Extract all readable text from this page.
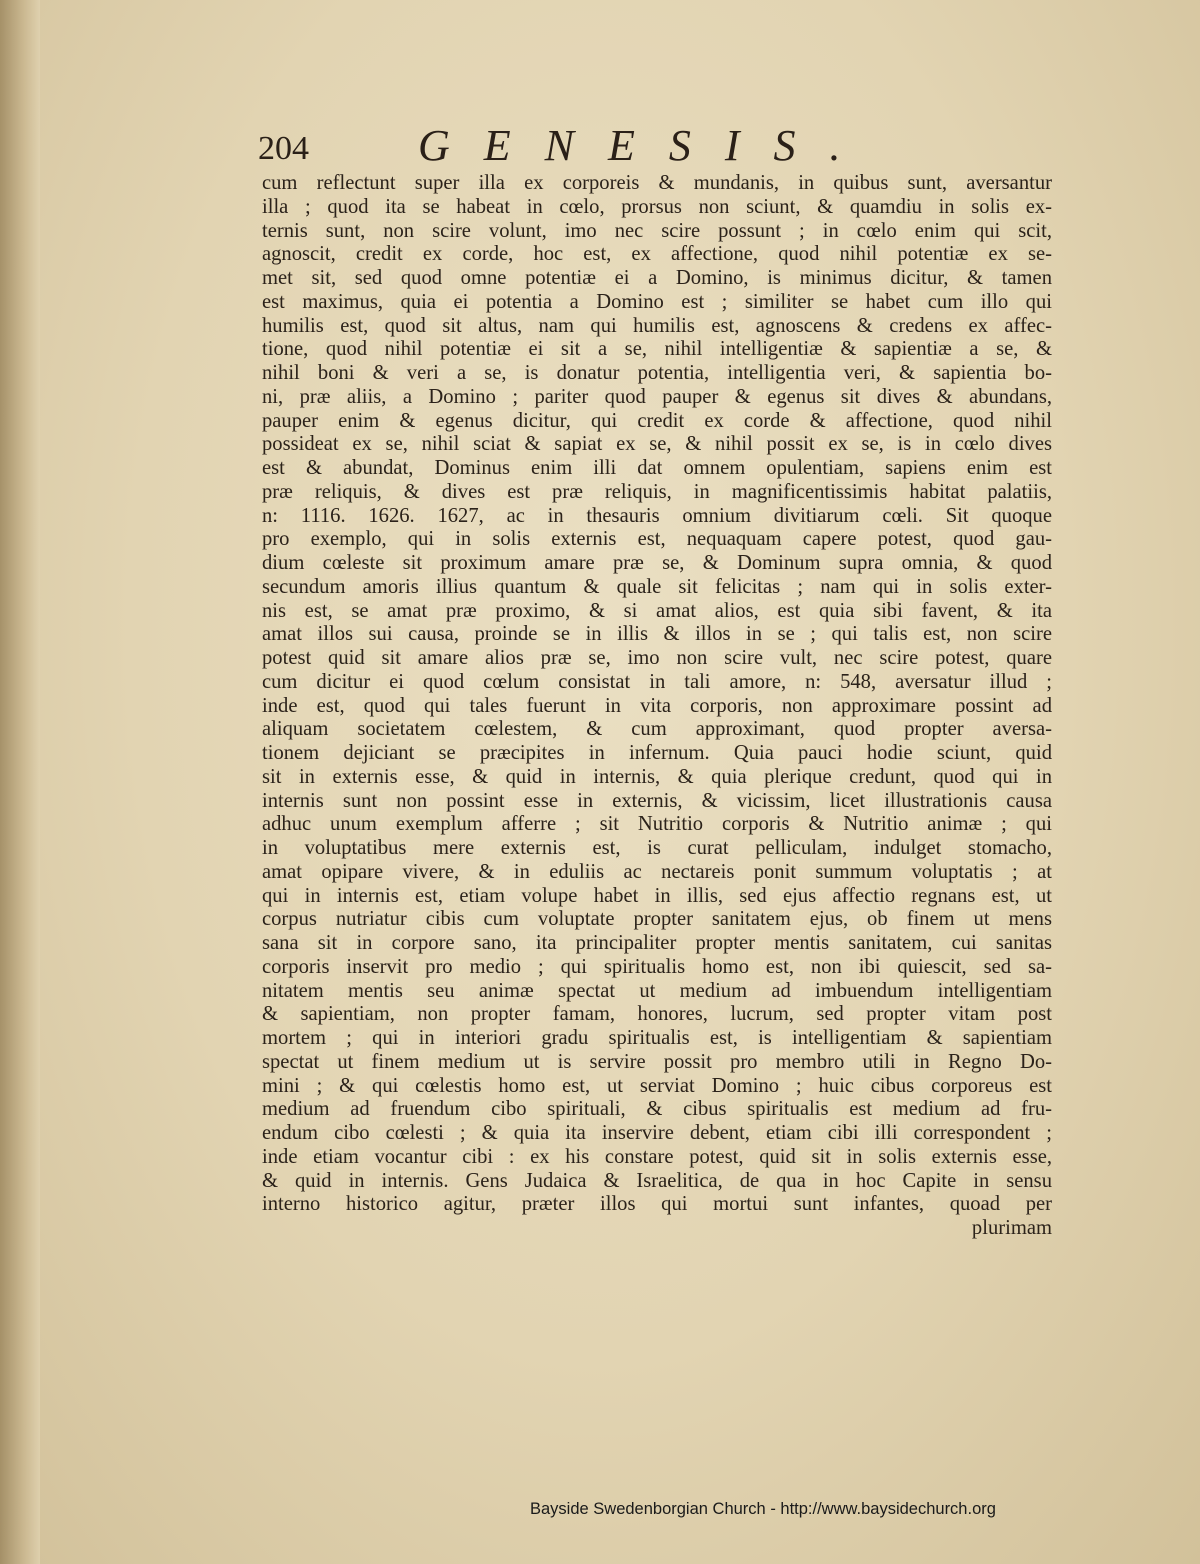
204 GENESIS.
cum reflectunt super illa ex corporeis & mundanis, in quibus sunt, aversantur
illa ; quod ita se habeat in cœlo, prorsus non sciunt, & quamdiu in solis ex-
ternis sunt, non scire volunt, imo nec scire possunt ; in cœlo enim qui scit,
agnoscit, credit ex corde, hoc est, ex affectione, quod nihil potentiæ ex se-
met sit, sed quod omne potentiæ ei a Domino, is minimus dicitur, & tamen
est maximus, quia ei potentia a Domino est ; similiter se habet cum illo qui
humilis est, quod sit altus, nam qui humilis est, agnoscens & credens ex affec-
tione, quod nihil potentiæ ei sit a se, nihil intelligentiæ & sapientiæ a se, &
nihil boni & veri a se, is donatur potentia, intelligentia veri, & sapientia bo-
ni, præ aliis, a Domino ; pariter quod pauper & egenus sit dives & abundans,
pauper enim & egenus dicitur, qui credit ex corde & affectione, quod nihil
possideat ex se, nihil sciat & sapiat ex se, & nihil possit ex se, is in cœlo dives
est & abundat, Dominus enim illi dat omnem opulentiam, sapiens enim est
præ reliquis, & dives est præ reliquis, in magnificentissimis habitat palatiis,
n: 1116. 1626. 1627, ac in thesauris omnium divitiarum cœli. Sit quoque
pro exemplo, qui in solis externis est, nequaquam capere potest, quod gau-
dium cœleste sit proximum amare præ se, & Dominum supra omnia, & quod
secundum amoris illius quantum & quale sit felicitas ; nam qui in solis exter-
nis est, se amat præ proximo, & si amat alios, est quia sibi favent, & ita
amat illos sui causa, proinde se in illis & illos in se ; qui talis est, non scire
potest quid sit amare alios præ se, imo non scire vult, nec scire potest, quare
cum dicitur ei quod cœlum consistat in tali amore, n: 548, aversatur illud ;
inde est, quod qui tales fuerunt in vita corporis, non approximare possint ad
aliquam societatem cœlestem, & cum approximant, quod propter aversa-
tionem dejiciant se præcipites in infernum. Quia pauci hodie sciunt, quid
sit in externis esse, & quid in internis, & quia plerique credunt, quod qui in
internis sunt non possint esse in externis, & vicissim, licet illustrationis causa
adhuc unum exemplum afferre ; sit Nutritio corporis & Nutritio animæ ; qui
in voluptatibus mere externis est, is curat pelliculam, indulget stomacho,
amat opipare vivere, & in eduliis ac nectareis ponit summum voluptatis ; at
qui in internis est, etiam volupe habet in illis, sed ejus affectio regnans est, ut
corpus nutriatur cibis cum voluptate propter sanitatem ejus, ob finem ut mens
sana sit in corpore sano, ita principaliter propter mentis sanitatem, cui sanitas
corporis inservit pro medio ; qui spiritualis homo est, non ibi quiescit, sed sa-
nitatem mentis seu animæ spectat ut medium ad imbuendum intelligentiam
& sapientiam, non propter famam, honores, lucrum, sed propter vitam post
mortem ; qui in interiori gradu spiritualis est, is intelligentiam & sapientiam
spectat ut finem medium ut is servire possit pro membro utili in Regno Do-
mini ; & qui cœlestis homo est, ut serviat Domino ; huic cibus corporeus est
medium ad fruendum cibo spirituali, & cibus spiritualis est medium ad fru-
endum cibo cœlesti ; & quia ita inservire debent, etiam cibi illi correspondent ;
inde etiam vocantur cibi : ex his constare potest, quid sit in solis externis esse,
& quid in internis. Gens Judaica & Israelitica, de qua in hoc Capite in sensu
interno historico agitur, præter illos qui mortui sunt infantes, quoad per
plurimam
Bayside Swedenborgian Church - http://www.baysidechurch.org
